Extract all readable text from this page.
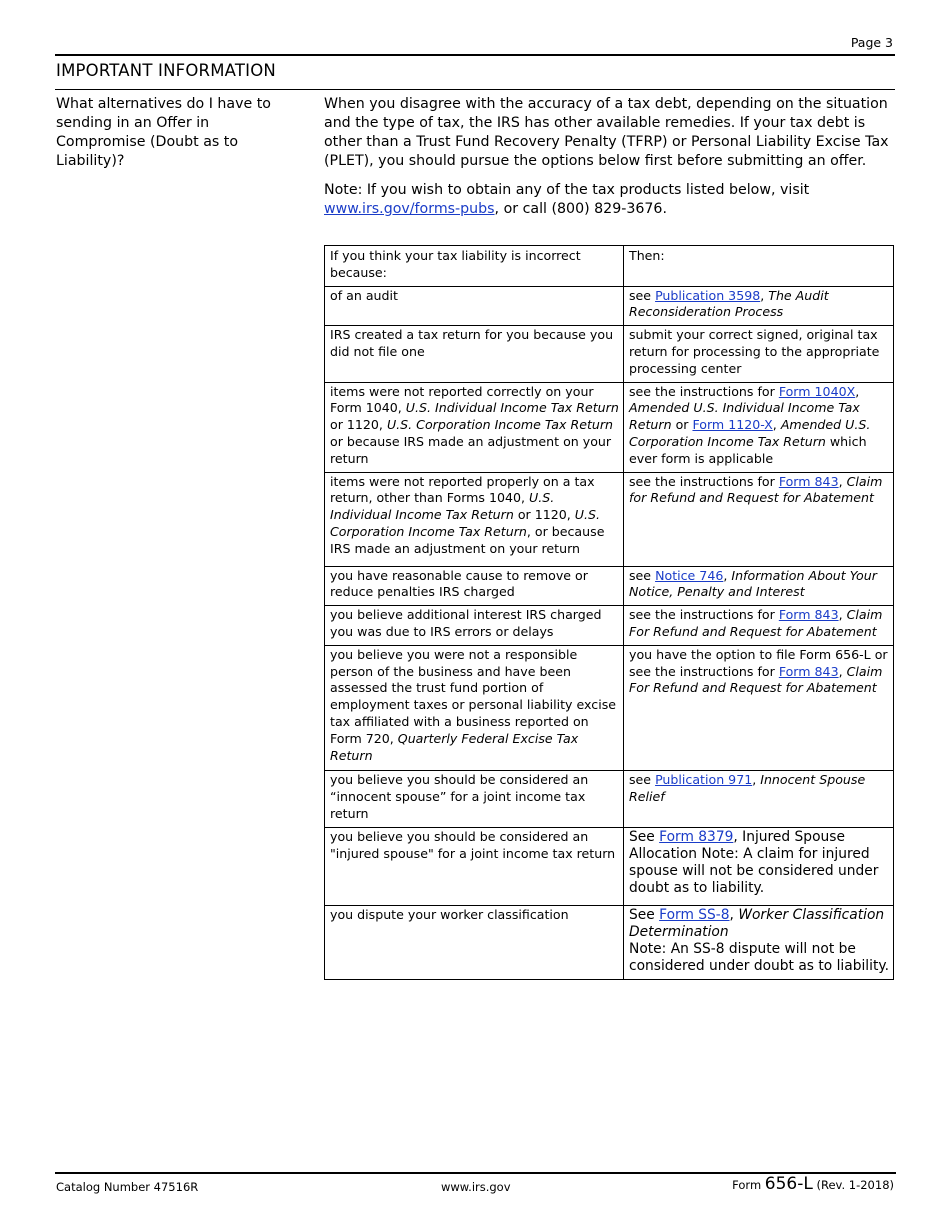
Page 3
IMPORTANT INFORMATION
What alternatives do I have to sending in an Offer in Compromise (Doubt as to Liability)?

When you disagree with the accuracy of a tax debt, depending on the situation and the type of tax, the IRS has other available remedies. If your tax debt is other than a Trust Fund Recovery Penalty (TFRP) or Personal Liability Excise Tax (PLET), you should pursue the options below first before submitting an offer.

Note: If you wish to obtain any of the tax products listed below, visit www.irs.gov/forms-pubs, or call (800) 829-3676.

If you think your tax liability is incorrect because:	Then:
of an audit	see Publication 3598, The Audit Reconsideration Process
IRS created a tax return for you because you did not file one	submit your correct signed, original tax return for processing to the appropriate processing center
items were not reported correctly on your Form 1040, U.S. Individual Income Tax Return or 1120, U.S. Corporation Income Tax Return or because IRS made an adjustment on your return	see the instructions for Form 1040X, Amended U.S. Individual Income Tax Return or Form 1120-X, Amended U.S. Corporation Income Tax Return which ever form is applicable
items were not reported properly on a tax return, other than Forms 1040, U.S. Individual Income Tax Return or 1120, U.S. Corporation Income Tax Return, or because IRS made an adjustment on your return	see the instructions for Form 843, Claim for Refund and Request for Abatement
you have reasonable cause to remove or reduce penalties IRS charged	see Notice 746, Information About Your Notice, Penalty and Interest
you believe additional interest IRS charged you was due to IRS errors or delays	see the instructions for Form 843, Claim For Refund and Request for Abatement
you believe you were not a responsible person of the business and have been assessed the trust fund portion of employment taxes or personal liability excise tax affiliated with a business reported on Form 720, Quarterly Federal Excise Tax Return	you have the option to file Form 656-L or see the instructions for Form 843, Claim For Refund and Request for Abatement
you believe you should be considered an “innocent spouse” for a joint income tax return	see Publication 971, Innocent Spouse Relief
you believe you should be considered an "injured spouse" for a joint income tax return	See Form 8379, Injured Spouse Allocation Note: A claim for injured spouse will not be considered under doubt as to liability.
you dispute your worker classification	See Form SS-8, Worker Classification Determination
Note: An SS-8 dispute will not be considered under doubt as to liability.
Catalog Number 47516R	www.irs.gov	Form 656-L (Rev. 1-2018)
